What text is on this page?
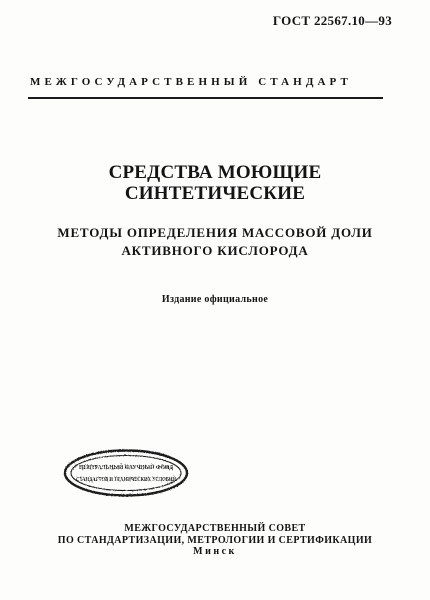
ГОСТ 22567.10—93
МЕЖГОСУДАРСТВЕННЫЙ СТАНДАРТ
СРЕДСТВА МОЮЩИЕ
СИНТЕТИЧЕСКИЕ
МЕТОДЫ ОПРЕДЕЛЕНИЯ МАССОВОЙ ДОЛИ
АКТИВНОГО КИСЛОРОДА
Издание официальное
ЦЕНТРАЛЬНЫЙ НАУЧНЫЙ ФОНД
СТАНДАРТОВ И ТЕХНИЧЕСКИХ УСЛОВИЙ
МЕЖГОСУДАРСТВЕННЫЙ СОВЕТ
ПО СТАНДАРТИЗАЦИИ, МЕТРОЛОГИИ И СЕРТИФИКАЦИИ
Минск
